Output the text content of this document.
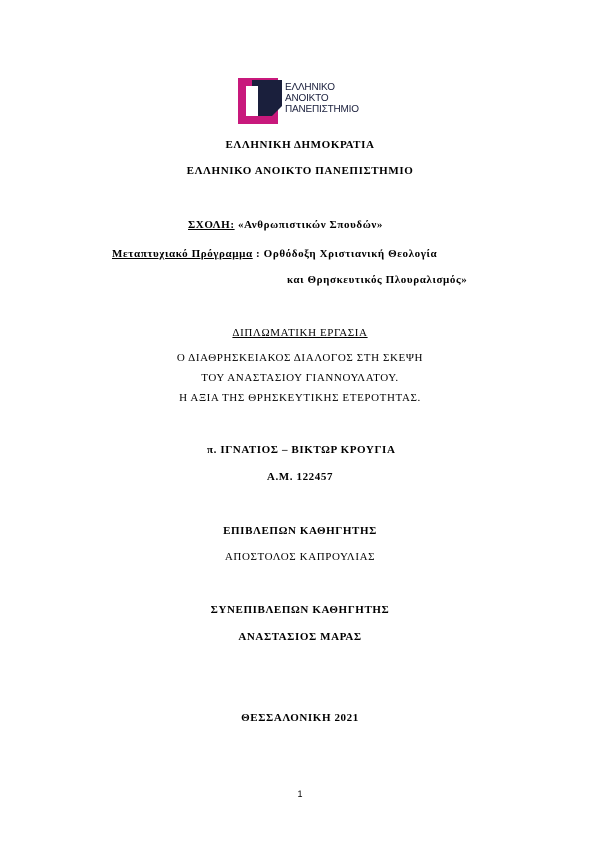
ΕΛΛΗΝΙΚΟ
ΑΝΟΙΚΤΟ
ΠΑΝΕΠΙΣΤΗΜΙΟ
ΕΛΛΗΝΙΚΗ ΔΗΜΟΚΡΑΤΙΑ
ΕΛΛΗΝΙΚΟ ΑΝΟΙΚΤΟ ΠΑΝΕΠΙΣΤΗΜΙΟ
ΣΧΟΛΗ: «Ανθρωπιστικών Σπουδών»
Μεταπτυχιακό Πρόγραμμα : Ορθόδοξη Χριστιανική Θεολογία
και Θρησκευτικός Πλουραλισμός»
ΔΙΠΛΩΜΑΤΙΚΗ ΕΡΓΑΣΙΑ
Ο ΔΙΑΘΡΗΣΚΕΙΑΚΟΣ ΔΙΑΛΟΓΟΣ ΣΤΗ ΣΚΕΨΗ
ΤΟΥ ΑΝΑΣΤΑΣΙΟΥ ΓΙΑΝΝΟΥΛΑΤΟΥ.
Η ΑΞΙΑ ΤΗΣ ΘΡΗΣΚΕΥΤΙΚΗΣ ΕΤΕΡΟΤΗΤΑΣ.
π. ΙΓΝΑΤΙΟΣ – ΒΙΚΤΩΡ ΚΡΟΥΓΙΑ
Α.Μ. 122457
ΕΠΙΒΛΕΠΩΝ ΚΑΘΗΓΗΤΗΣ
ΑΠΟΣΤΟΛΟΣ ΚΑΠΡΟΥΛΙΑΣ
ΣΥΝΕΠΙΒΛΕΠΩΝ ΚΑΘΗΓΗΤΗΣ
ΑΝΑΣΤΑΣΙΟΣ ΜΑΡΑΣ
ΘΕΣΣΑΛΟΝΙΚΗ 2021
1
